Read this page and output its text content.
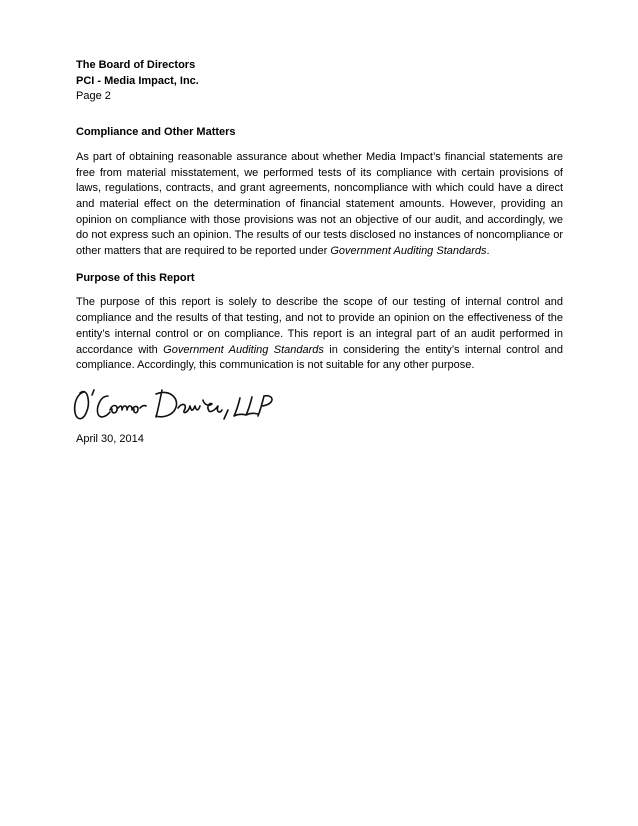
The Board of Directors
PCI - Media Impact, Inc.
Page 2

Compliance and Other Matters

As part of obtaining reasonable assurance about whether Media Impact’s financial statements are free from material misstatement, we performed tests of its compliance with certain provisions of laws, regulations, contracts, and grant agreements, noncompliance with which could have a direct and material effect on the determination of financial statement amounts. However, providing an opinion on compliance with those provisions was not an objective of our audit, and accordingly, we do not express such an opinion. The results of our tests disclosed no instances of noncompliance or other matters that are required to be reported under Government Auditing Standards.

Purpose of this Report

The purpose of this report is solely to describe the scope of our testing of internal control and compliance and the results of that testing, and not to provide an opinion on the effectiveness of the entity’s internal control or on compliance. This report is an integral part of an audit performed in accordance with Government Auditing Standards in considering the entity’s internal control and compliance. Accordingly, this communication is not suitable for any other purpose.

April 30, 2014
